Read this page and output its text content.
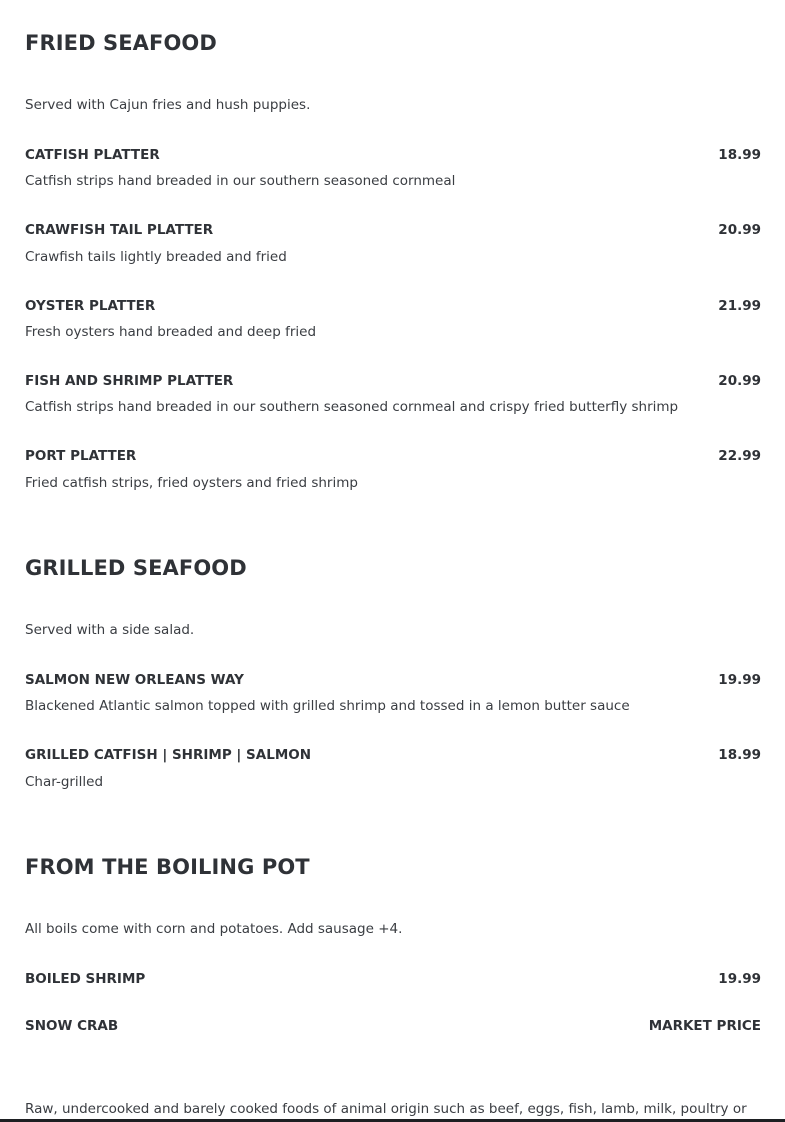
FRIED SEAFOOD
Served with Cajun fries and hush puppies.
CATFISH PLATTER	18.99
Catfish strips hand breaded in our southern seasoned cornmeal
CRAWFISH TAIL PLATTER	20.99
Crawfish tails lightly breaded and fried
OYSTER PLATTER	21.99
Fresh oysters hand breaded and deep fried
FISH AND SHRIMP PLATTER	20.99
Catfish strips hand breaded in our southern seasoned cornmeal and crispy fried butterfly shrimp
PORT PLATTER	22.99
Fried catfish strips, fried oysters and fried shrimp
GRILLED SEAFOOD
Served with a side salad.
SALMON NEW ORLEANS WAY	19.99
Blackened Atlantic salmon topped with grilled shrimp and tossed in a lemon butter sauce
GRILLED CATFISH | SHRIMP | SALMON	18.99
Char-grilled
FROM THE BOILING POT
All boils come with corn and potatoes. Add sausage +4.
BOILED SHRIMP	19.99
SNOW CRAB	MARKET PRICE
Raw, undercooked and barely cooked foods of animal origin such as beef, eggs, fish, lamb, milk, poultry or
